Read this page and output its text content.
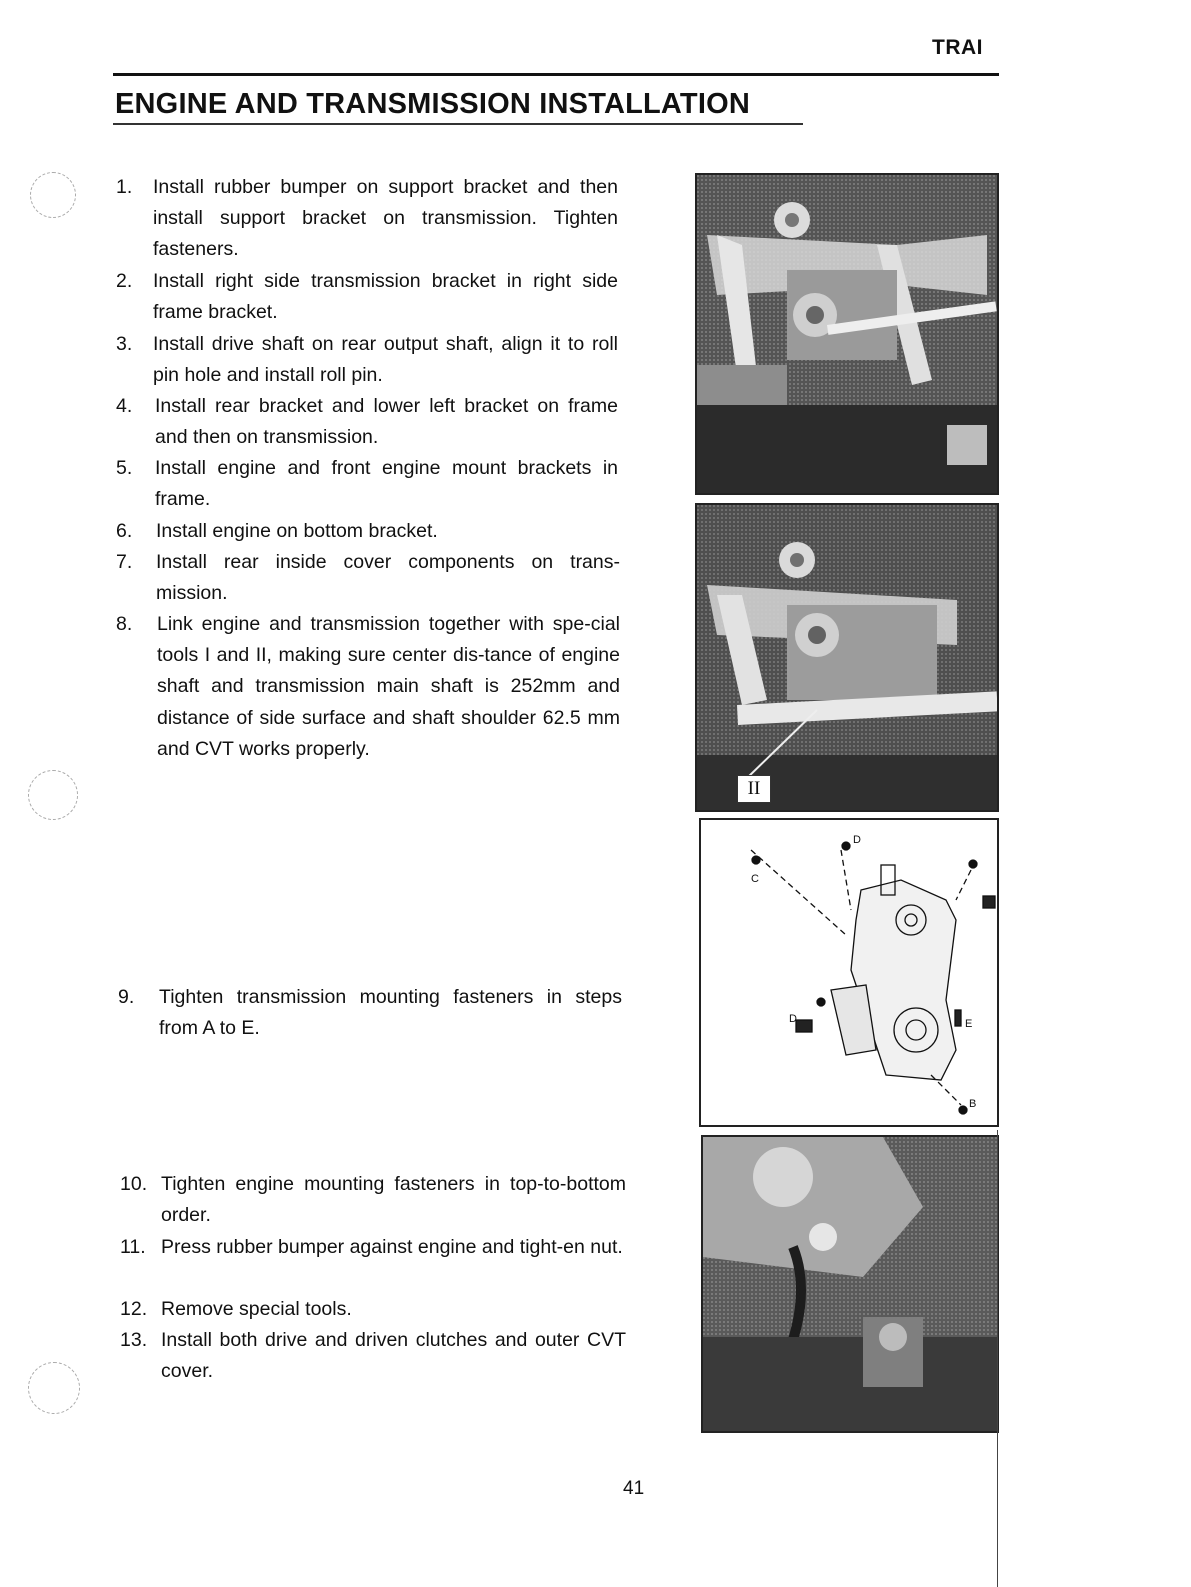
TRAI
ENGINE AND TRANSMISSION INSTALLATION
1. Install rubber bumper on support bracket and then install support bracket on transmission. Tighten fasteners.
2. Install right side transmission bracket in right side frame bracket.
3. Install drive shaft on rear output shaft, align it to roll pin hole and install roll pin.
4. Install rear bracket and lower left bracket on frame and then on transmission.
5. Install engine and front engine mount brackets in frame.
6. Install engine on bottom bracket.
7. Install rear inside cover components on trans-mission.
8. Link engine and transmission together with spe-cial tools I and II, making sure center dis-tance of engine shaft and transmission main shaft is 252mm and distance of side surface and shaft shoulder 62.5 mm and CVT works properly.
9. Tighten transmission mounting fasteners in steps from A to E.
10. Tighten engine mounting fasteners in top-to-bottom order.
11. Press rubber bumper against engine and tight-en nut.
12. Remove special tools.
13. Install both drive and driven clutches and outer CVT cover.
II
D
C
D	E
B
41
